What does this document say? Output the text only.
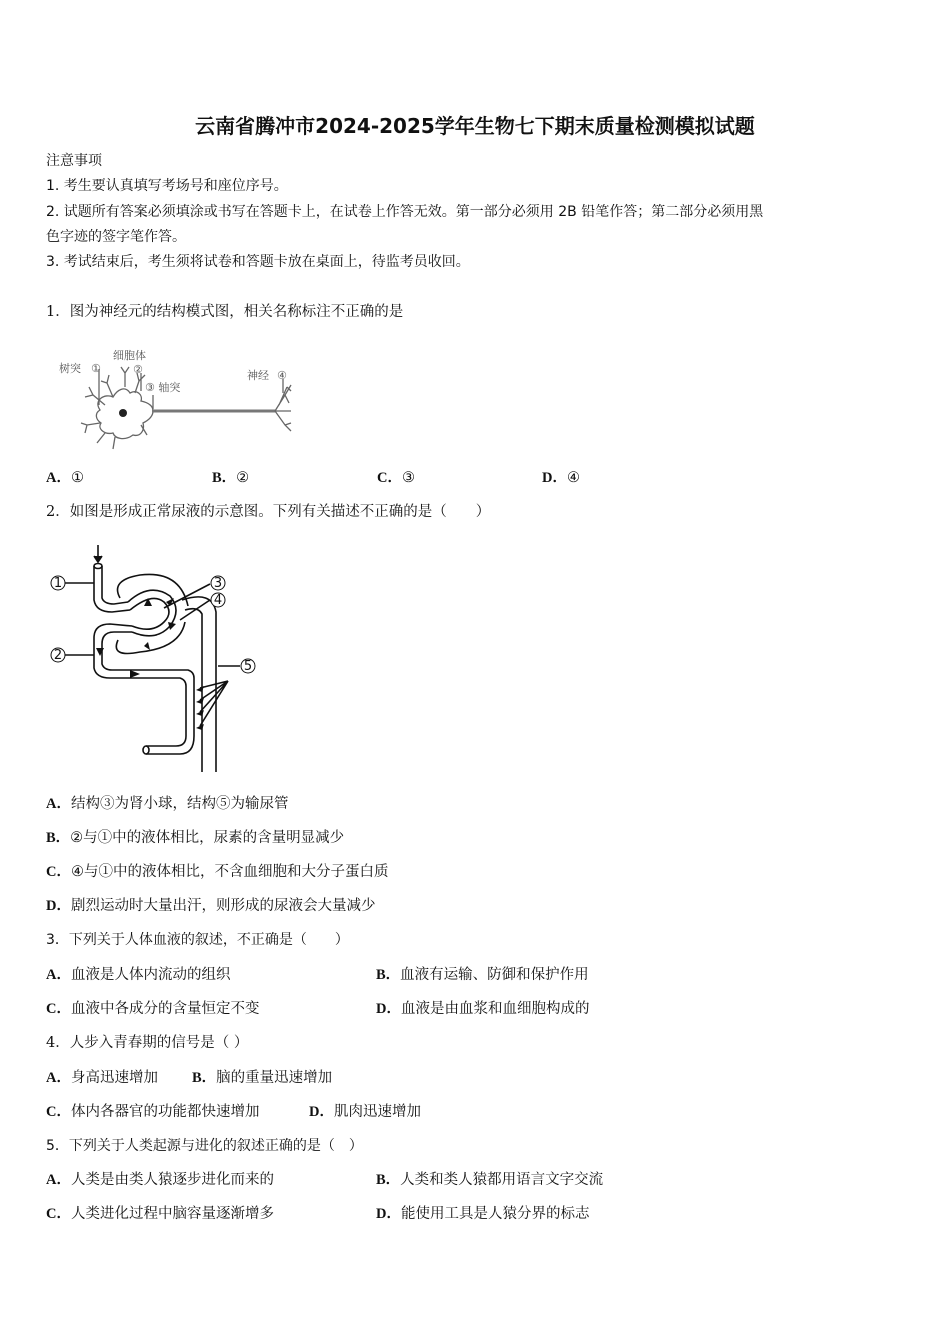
云南省腾冲市2024-2025学年生物七下期末质量检测模拟试题
注意事项
1. 考生要认真填写考场号和座位序号。
2. 试题所有答案必须填涂或书写在答题卡上，在试卷上作答无效。第一部分必须用 2B 铅笔作答；第二部分必须用黑
色字迹的签字笔作答。
3. 考试结束后，考生须将试卷和答题卡放在桌面上，待监考员收回。
1．图为神经元的结构模式图，相关名称标注不正确的是
树突 ①
细胞体
②
③ 轴突
神经 ④
A．①	B．②	C．③	D．④
2．如图是形成正常尿液的示意图。下列有关描述不正确的是（　　）
1
2
3
4
5
A．结构③为肾小球，结构⑤为输尿管
B．②与①中的液体相比，尿素的含量明显减少
C．④与①中的液体相比，不含血细胞和大分子蛋白质
D．剧烈运动时大量出汗，则形成的尿液会大量减少
3．下列关于人体血液的叙述，不正确是（　　）
A．血液是人体内流动的组织	B．血液有运输、防御和保护作用
C．血液中各成分的含量恒定不变	D．血液是由血浆和血细胞构成的
4．人步入青春期的信号是（ ）
A．身高迅速增加 B．脑的重量迅速增加
C．体内各器官的功能都快速增加	D．肌肉迅速增加
5．下列关于人类起源与进化的叙述正确的是（　）
A．人类是由类人猿逐步进化而来的	B．人类和类人猿都用语言文字交流
C．人类进化过程中脑容量逐渐增多	D．能使用工具是人猿分界的标志
